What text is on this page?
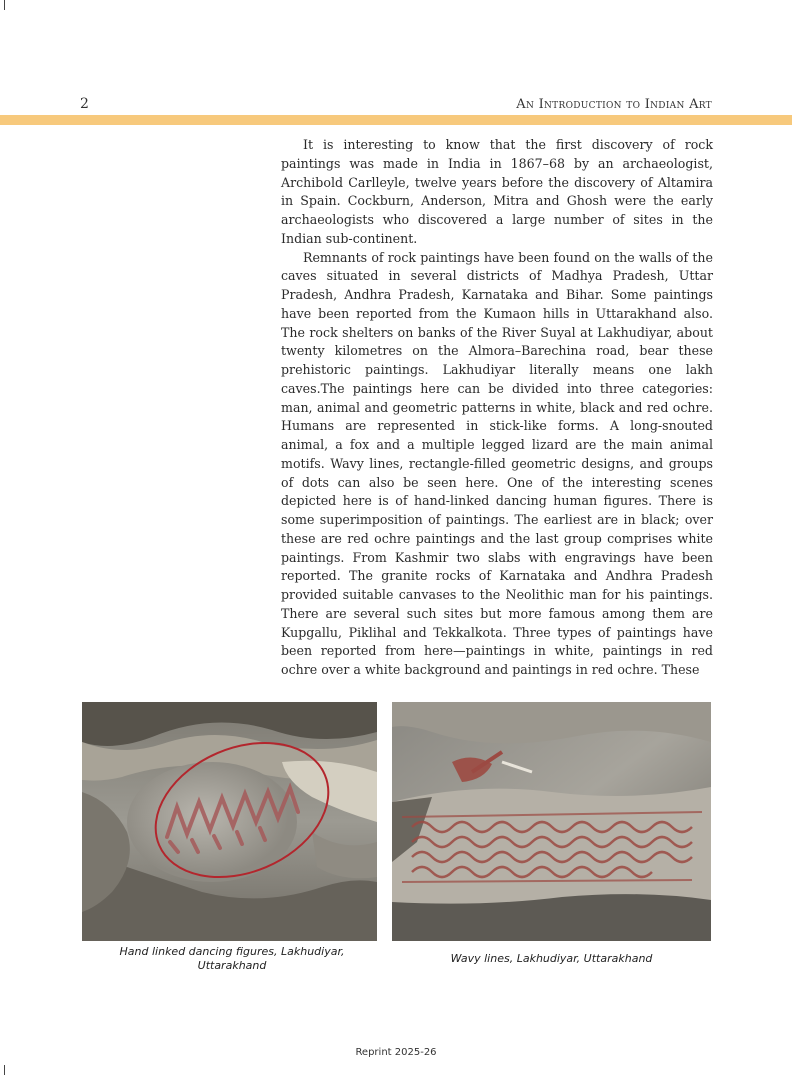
2	An Introduction to Indian Art

It is interesting to know that the first discovery of rock paintings was made in India in 1867–68 by an archaeologist, Archibold Carlleyle, twelve years before the discovery of Altamira in Spain. Cockburn, Anderson, Mitra and Ghosh were the early archaeologists who discovered a large number of sites in the Indian sub-continent.

Remnants of rock paintings have been found on the walls of the caves situated in several districts of Madhya Pradesh, Uttar Pradesh, Andhra Pradesh, Karnataka and Bihar. Some paintings have been reported from the Kumaon hills in Uttarakhand also. The rock shelters on banks of the River Suyal at Lakhudiyar, about twenty kilometres on the Almora–Barechina road, bear these prehistoric paintings. Lakhudiyar literally means one lakh caves.The paintings here can be divided into three categories: man, animal and geometric patterns in white, black and red ochre. Humans are represented in stick-like forms. A long-snouted animal, a fox and a multiple legged lizard are the main animal motifs. Wavy lines, rectangle-filled geometric designs, and groups of dots can also be seen here. One of the interesting scenes depicted here is of hand-linked dancing human figures. There is some superimposition of paintings. The earliest are in black; over these are red ochre paintings and the last group comprises white paintings. From Kashmir two slabs with engravings have been reported. The granite rocks of Karnataka and Andhra Pradesh provided suitable canvases to the Neolithic man for his paintings. There are several such sites but more famous among them are Kupgallu, Piklihal and Tekkalkota. Three types of paintings have been reported from here—paintings in white, paintings in red ochre over a white background and paintings in red ochre. These

Hand linked dancing figures, Lakhudiyar,
Uttarakhand
Wavy lines, Lakhudiyar, Uttarakhand
Reprint 2025-26
